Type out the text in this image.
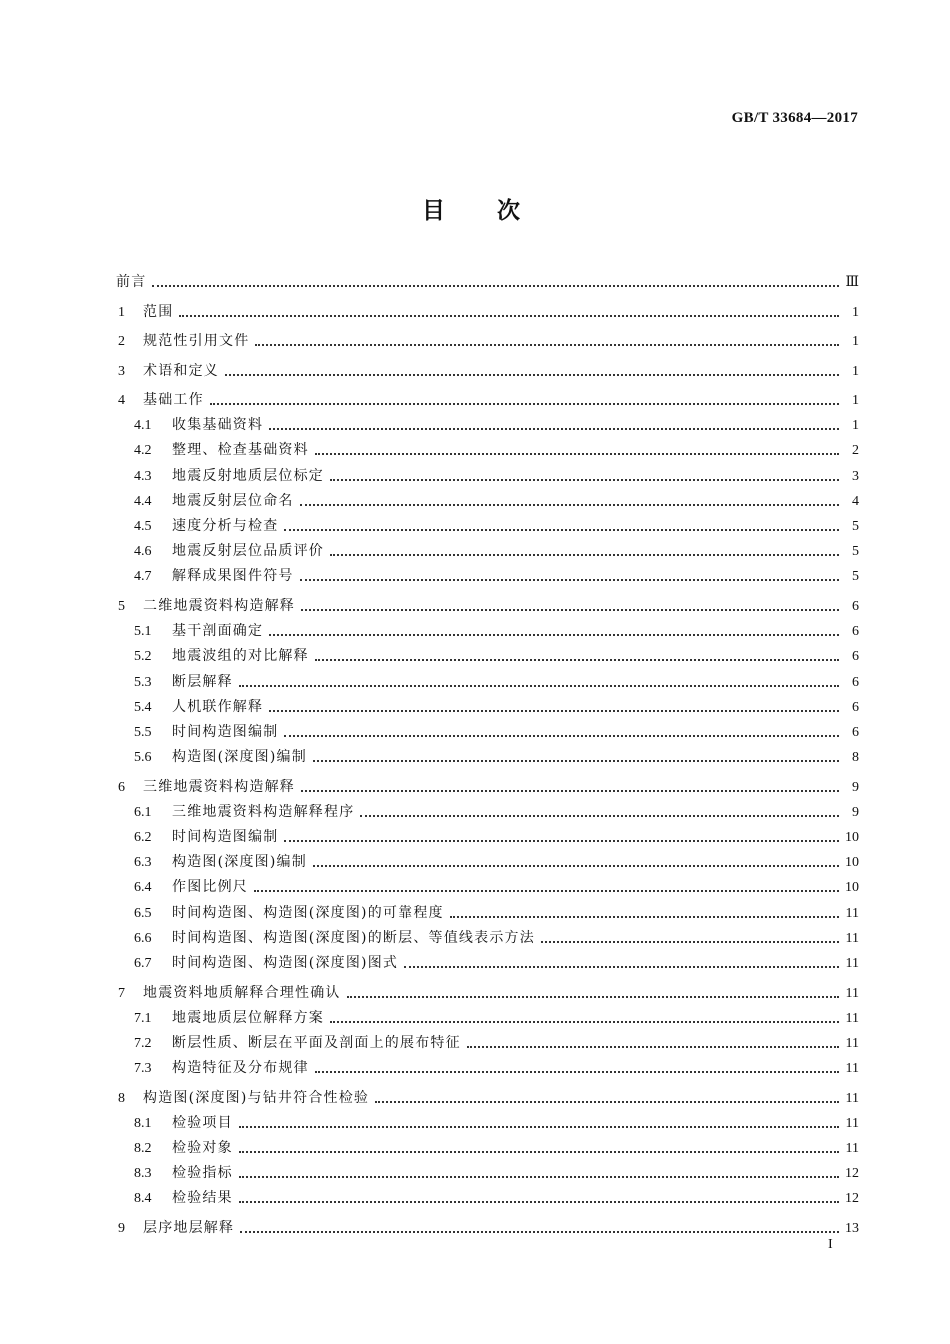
GB/T 33684—2017
目次
前言	Ⅲ
1	范围	1
2	规范性引用文件	1
3	术语和定义	1
4	基础工作	1
4.1	收集基础资料	1
4.2	整理、检查基础资料	2
4.3	地震反射地质层位标定	3
4.4	地震反射层位命名	4
4.5	速度分析与检查	5
4.6	地震反射层位品质评价	5
4.7	解释成果图件符号	5
5	二维地震资料构造解释	6
5.1	基干剖面确定	6
5.2	地震波组的对比解释	6
5.3	断层解释	6
5.4	人机联作解释	6
5.5	时间构造图编制	6
5.6	构造图(深度图)编制	8
6	三维地震资料构造解释	9
6.1	三维地震资料构造解释程序	9
6.2	时间构造图编制	10
6.3	构造图(深度图)编制	10
6.4	作图比例尺	10
6.5	时间构造图、构造图(深度图)的可靠程度	11
6.6	时间构造图、构造图(深度图)的断层、等值线表示方法	11
6.7	时间构造图、构造图(深度图)图式	11
7	地震资料地质解释合理性确认	11
7.1	地震地质层位解释方案	11
7.2	断层性质、断层在平面及剖面上的展布特征	11
7.3	构造特征及分布规律	11
8	构造图(深度图)与钻井符合性检验	11
8.1	检验项目	11
8.2	检验对象	11
8.3	检验指标	12
8.4	检验结果	12
9	层序地层解释	13
I
